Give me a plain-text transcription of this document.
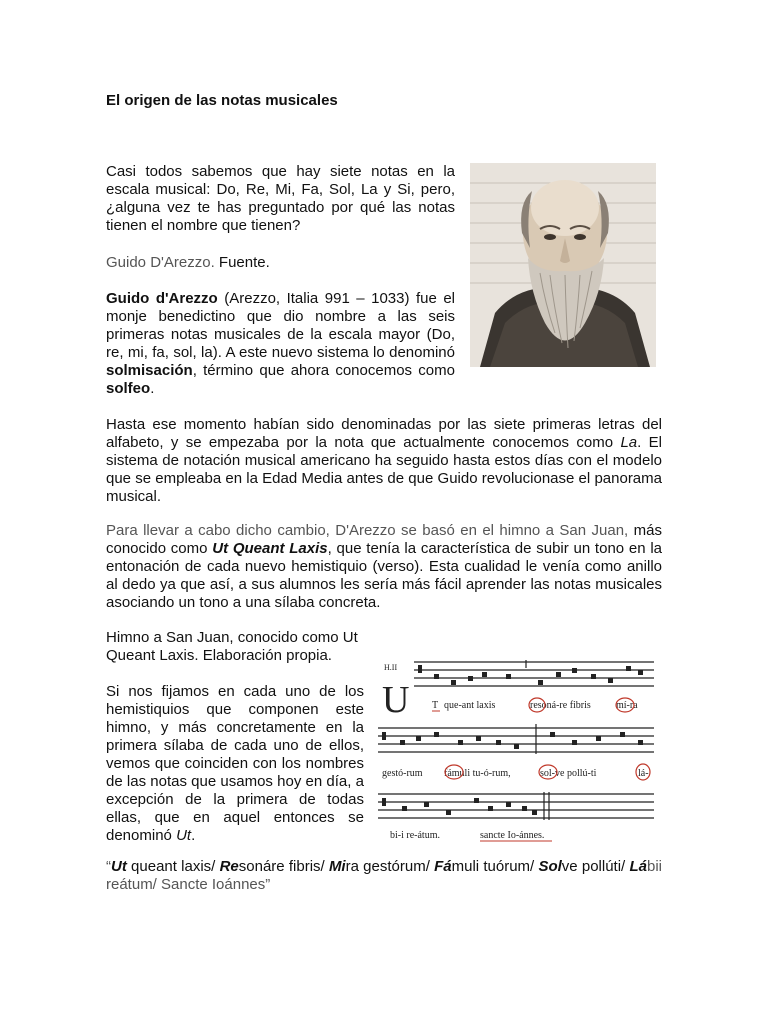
El origen de las notas musicales

Casi todos sabemos que hay siete notas en la escala musical: Do, Re, Mi, Fa, Sol, La y Si, pero, ¿alguna vez te has preguntado por qué las notas tienen el nombre que tienen?

Guido D'Arezzo. Fuente.

Guido d'Arezzo (Arezzo, Italia 991 – 1033) fue el monje benedictino que dio nombre a las seis primeras notas musicales de la escala mayor (Do, re, mi, fa, sol, la). A este nuevo sistema lo denominó solmisación, término que ahora conocemos como solfeo.

Hasta ese momento habían sido denominadas por las siete primeras letras del alfabeto, y se empezaba por la nota que actualmente conocemos como La. El sistema de notación musical americano ha seguido hasta estos días con el modelo que se empleaba en la Edad Media antes de que Guido revolucionase el panorama musical.

Para llevar a cabo dicho cambio, D'Arezzo se basó en el himno a San Juan, más conocido como Ut Queant Laxis, que tenía la característica de subir un tono en la entonación de cada nuevo hemistiquio (verso). Esta cualidad le venía como anillo al dedo ya que así, a sus alumnos les sería más fácil aprender las notas musicales asociando un tono a una sílaba concreta.

Himno a San Juan, conocido como Ut Queant Laxis. Elaboración propia.

Si nos fijamos en cada uno de los hemistiquios que componen este himno, y más concretamente en la primera sílaba de cada uno de ellos, vemos que coinciden con los nombres de las notas que usamos hoy en día, a excepción de la primera de todas ellas, que en aquel entonces se denominó Ut.

H.II
U T que-ant laxis	resoná-re fibris	mí-ra
gestó-rum fámuli tu-ó-rum,	sol-ve pollú-ti	lá-
bi-i re-átum.	sancte Io-ánnes.
“Ut queant laxis/ Resonáre fibris/ Mira gestórum/ Fámuli tuórum/ Solve pollúti/ Lábii reátum/ Sancte Ioánnes”
